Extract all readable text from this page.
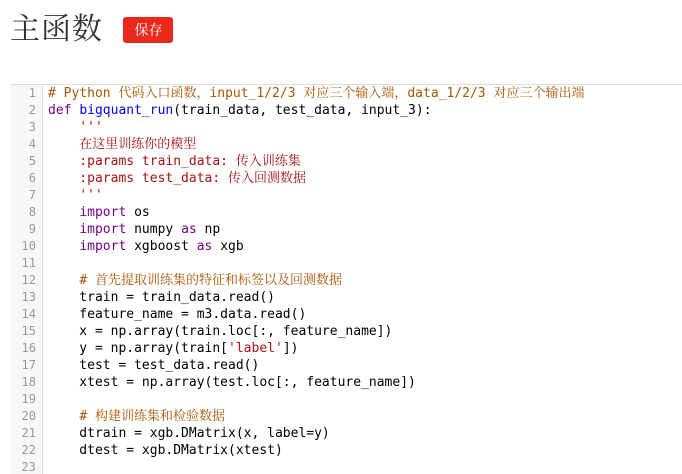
主函数 保存
1 # Python 代码入口函数，input_1/2/3 对应三个输入端，data_1/2/3 对应三个输出端
2 def bigquant_run(train_data, test_data, input_3):
3 '''
4 在这里训练你的模型
5 :params train_data: 传入训练集
6 :params test_data: 传入回测数据
7 '''
8	import os
9	import numpy as np
10	import xgboost as xgb
11
12	# 首先提取训练集的特征和标签以及回测数据
13 train = train_data.read()
14 feature_name = m3.data.read()
15 x = np.array(train.loc[:, feature_name])
16 y = np.array(train['label'])
17 test = test_data.read()
18 xtest = np.array(test.loc[:, feature_name])
19
20	# 构建训练集和检验数据
21 dtrain = xgb.DMatrix(x, label=y)
22 dtest = xgb.DMatrix(xtest)
23
